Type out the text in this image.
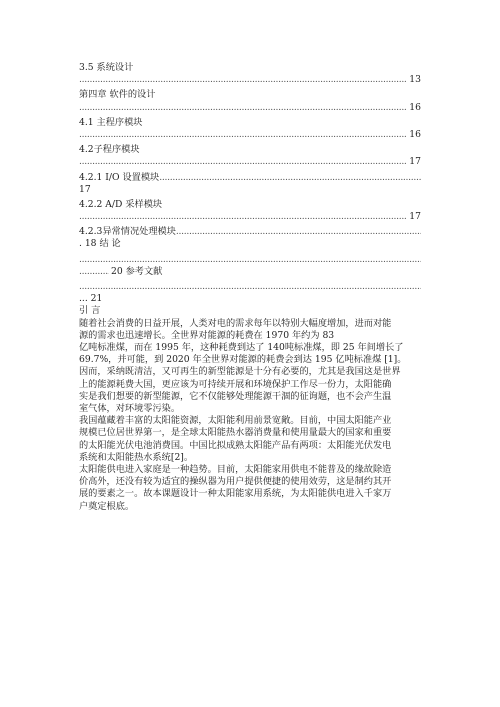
3.5 系统设计
.....
13
第四章 软件的设计
.....
16
4.1 主程序模块
.....
16
4.2子程序模块
.....
17
4.2.1 I/O 设置模块
.....
17
4.2.2 A/D 采样模块
.....
17
4.2.3异常情况处理模块
.....
. 18 结 论
.....
.....
20 参考文献
.....
... 21
引 言
随着社会消费的日益开展，人类对电的需求每年以特别大幅度增加，进而对能
源的需求也迅速增长。全世界对能源的耗费在 1970 年约为 83
亿吨标准煤，而在 1995 年，这种耗费到达了 140吨标准煤，即 25 年间增长了
69.7%，并可能，到 2020 年全世界对能源的耗费会到达 195 亿吨标准煤 [1]。
因而，采纳既清洁，又可再生的新型能源是十分有必要的，尤其是我国这是世界
上的能源耗费大国，更应该为可持续开展和环境保护工作尽一份力，太阳能确
实是我们想要的新型能源，它不仅能够处理能源干涸的征询题，也不会产生温
室气体，对环境零污染。
我国蕴藏着丰富的太阳能资源，太阳能利用前景宽敞。目前，中国太阳能产业
规模已位居世界第一，是全球太阳能热水器消费量和使用量最大的国家和重要
的太阳能光伏电池消费国。中国比拟成熟太阳能产品有两项：太阳能光伏发电
系统和太阳能热水系统[2]。
太阳能供电进入家庭是一种趋势。目前，太阳能家用供电不能普及的缘故除造
价高外，还没有较为适宜的操纵器为用户提供便捷的使用效劳，这是制约其开
展的要素之一。故本课题设计一种太阳能家用系统，为太阳能供电进入千家万
户奠定根底。
